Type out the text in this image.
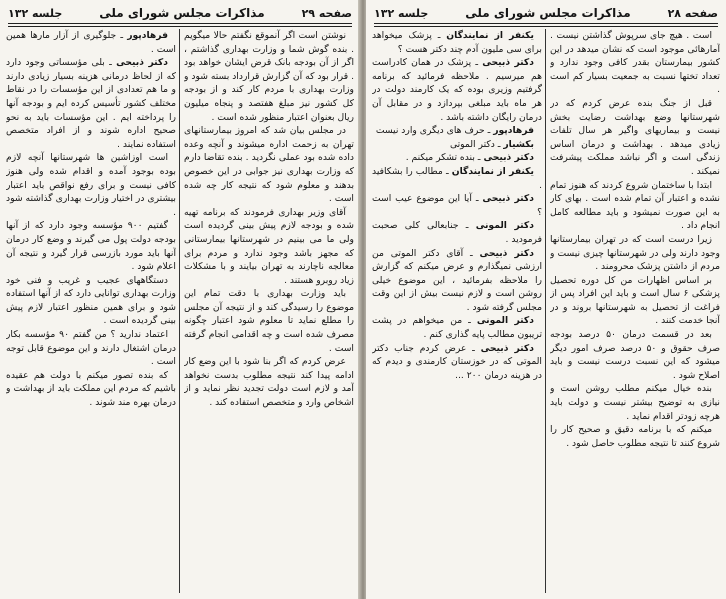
صفحه ۲۹
مذاکرات مجلس شورای ملی
جلسه ۱۳۲

نوشتن است اگر آنموقع نگفتم حالا میگویم . بنده گوش شما و وزارت بهداری گذاشتم ، اگر از آن بودجه بانک قرض ایشان خواهد بود . قرار بود که آن گزارش قرارداد بسته شود و وزارت بهداری با مردم کار کند و از بودجه کل کشور نیز مبلغ هفتصد و پنجاه میلیون ریال بعنوان اعتبار منظور شده است .

در مجلس بیان شد که امروز بیمارستانهای تهران به زحمت اداره میشوند و آنچه وعده داده شده بود عملی نگردید . بنده تقاضا دارم که وزارت بهداری نیز جوابی در این خصوص بدهند و معلوم شود که نتیجه کار چه شده است .

آقای وزیر بهداری فرمودند که برنامه تهیه شده و بودجه لازم پیش بینی گردیده است ولی ما می بینیم در شهرستانها بیمارستانی که مجهز باشد وجود ندارد و مردم برای معالجه ناچارند به تهران بیایند و با مشکلات زیاد روبرو هستند .

باید وزارت بهداری با دقت تمام این موضوع را رسیدگی کند و از نتیجه آن مجلس را مطلع نماید تا معلوم شود اعتبار چگونه مصرف شده است و چه اقدامی انجام گرفته است .

عرض کردم که اگر بنا شود با این وضع کار ادامه پیدا کند نتیجه مطلوب بدست نخواهد آمد و لازم است دولت تجدید نظر نماید و از اشخاص وارد و متخصص استفاده کند .

فرهادپور ـ جلوگیری از آزار مارها همین است .

دکتر ذبیحی ـ بلی مؤسساتی وجود دارد که از لحاظ درمانی هزینه بسیار زیادی دارند و ما هم تعدادی از این مؤسسات را در نقاط مختلف کشور تأسیس کرده ایم و بودجه آنها را پرداخته ایم . این مؤسسات باید به نحو صحیح اداره شوند و از افراد متخصص استفاده نمایند .

است اوزاشین ها شهرستانها آنچه لازم بوده بوجود آمده و اقدام شده ولی هنوز کافی نیست و برای رفع نواقص باید اعتبار بیشتری در اختیار وزارت بهداری گذاشته شود .

گفتیم ۹۰۰ مؤسسه وجود دارد که از آنها بودجه دولت پول می گیرند و وضع کار درمان آنها باید مورد بازرسی قرار گیرد و نتیجه آن اعلام شود .

دستگاههای عجیب و غریب و فنی خود وزارت بهداری توانایی دارد که از آنها استفاده شود و برای همین منظور اعتبار لازم پیش بینی گردیده است .

اعتماد ندارید ؟ من گفتم ۹۰ مؤسسه بکار درمان اشتغال دارند و این موضوع قابل توجه است .

که بنده تصور میکنم با دولت هم عقیده باشیم که مردم این مملکت باید از بهداشت و درمان بهره مند شوند .

صفحه ۲۸
مذاکرات مجلس شورای ملی
جلسه ۱۳۲

است . هیچ جای سرپوش گذاشتن نیست . آمارهائی موجود است که نشان میدهد در این کشور بیمارستان بقدر کافی وجود ندارد و تعداد تختها نسبت به جمعیت بسیار کم است .

قبل از جنگ بنده عرض کردم که در شهرستانها وضع بهداشت رضایت بخش نیست و بیماریهای واگیر هر سال تلفات زیادی میدهد . بهداشت و درمان اساس زندگی است و اگر نباشد مملکت پیشرفت نمیکند .

ابتدا با ساختمان شروع کردند که هنوز تمام نشده و اعتبار آن تمام شده است . بهای کار به این صورت نمیشود و باید مطالعه کامل انجام داد .

زیرا درست است که در تهران بیمارستانها وجود دارند ولی در شهرستانها چیزی نیست و مردم از داشتن پزشک محرومند .

بر اساس اظهارات من کل دوره تحصیل پزشکی ۶ سال است و باید این افراد پس از فراغت از تحصیل به شهرستانها بروند و در آنجا خدمت کنند .

بعد در قسمت درمان ۵۰ درصد بودجه صرف حقوق و ۵۰ درصد صرف امور دیگر میشود که این نسبت درست نیست و باید اصلاح شود .

بنده خیال میکنم مطلب روشن است و نیازی به توضیح بیشتر نیست و دولت باید هرچه زودتر اقدام نماید .

میکنم که با برنامه دقیق و صحیح کار را شروع کنند تا نتیجه مطلوب حاصل شود .

یکنفر از نمایندگان ـ پزشک میخواهد برای سی ملیون آدم چند دکتر هست ؟

دکتر ذبیحی ـ پزشک در همان کادراست هم میرسیم . ملاحظه فرمائید که برنامه گرفتیم وزیری بوده که یک کارمند دولت در هر ماه باید مبلغی بپردازد و در مقابل آن درمان رایگان داشته باشد .

فرهادپور ـ حرف های دیگری وارد نیست

بکشیار ـ دکتر الموتی

دکتر ذبیحی ـ بنده تشکر میکنم .

یکنفر از نمایندگان ـ مطالب را بشکافید .

دکتر ذبیحی ـ آیا این موضوع عیب است ؟

دکتر المونی ـ جنابعالی کلی صحبت فرمودید .

دکتر ذبیحی ـ آقای دکتر الموتی من ارزشی نمیگذارم و عرض میکنم که گزارش را ملاحظه بفرمائید ، این موضوع خیلی روشن است و لازم نیست بیش از این وقت مجلس گرفته شود .

دکتر المونی ـ من میخواهم در پشت تریبون مطالب پایه گذاری کنم .

دکتر ذبیحی ـ عرض کردم جناب دکتر الموتی که در خوزستان کارمندی و دیدم که در هزینه درمان ۲۰۰ ...
